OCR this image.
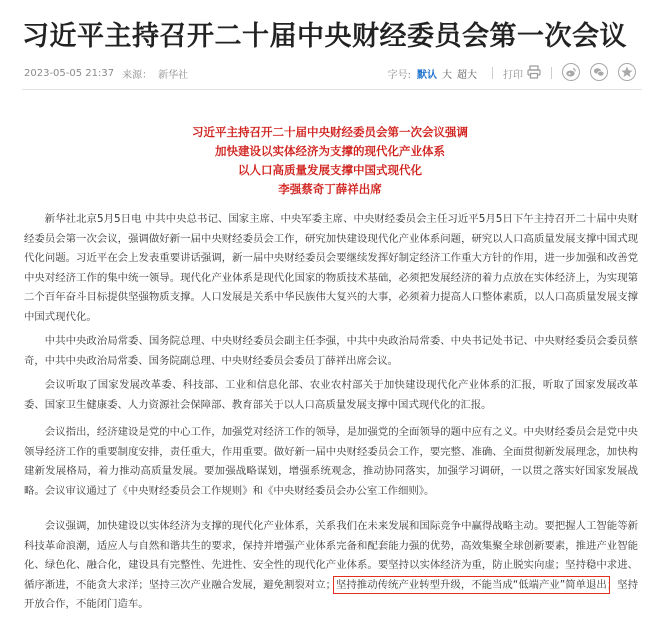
习近平主持召开二十届中央财经委员会第一次会议
2023-05-05 21:37 来源： 新华社	字号: 默认 大 超大	打印
习近平主持召开二十届中央财经委员会第一次会议强调
加快建设以实体经济为支撑的现代化产业体系
以人口高质量发展支撑中国式现代化
李强蔡奇丁薛祥出席
新华社北京5月5日电 中共中央总书记、国家主席、中央军委主席、中央财经委员会主任习近平5月5日下午主持召开二十届中央财经委员会第一次会议，强调做好新一届中央财经委员会工作，研究加快建设现代化产业体系问题，研究以人口高质量发展支撑中国式现代化问题。习近平在会上发表重要讲话强调，新一届中央财经委员会要继续发挥好制定经济工作重大方针的作用，进一步加强和改善党中央对经济工作的集中统一领导。现代化产业体系是现代化国家的物质技术基础，必须把发展经济的着力点放在实体经济上，为实现第二个百年奋斗目标提供坚强物质支撑。人口发展是关系中华民族伟大复兴的大事，必须着力提高人口整体素质，以人口高质量发展支撑中国式现代化。
中共中央政治局常委、国务院总理、中央财经委员会副主任李强，中共中央政治局常委、中央书记处书记、中央财经委员会委员蔡奇，中共中央政治局常委、国务院副总理、中央财经委员会委员丁薛祥出席会议。
会议听取了国家发展改革委、科技部、工业和信息化部、农业农村部关于加快建设现代化产业体系的汇报，听取了国家发展改革委、国家卫生健康委、人力资源社会保障部、教育部关于以人口高质量发展支撑中国式现代化的汇报。
会议指出，经济建设是党的中心工作，加强党对经济工作的领导，是加强党的全面领导的题中应有之义。中央财经委员会是党中央领导经济工作的重要制度安排，责任重大，作用重要。做好新一届中央财经委员会工作，要完整、准确、全面贯彻新发展理念，加快构建新发展格局，着力推动高质量发展。要加强战略谋划，增强系统观念，推动协同落实，加强学习调研，一以贯之落实好国家发展战略。会议审议通过了《中央财经委员会工作规则》和《中央财经委员会办公室工作细则》。
会议强调，加快建设以实体经济为支撑的现代化产业体系，关系我们在未来发展和国际竞争中赢得战略主动。要把握人工智能等新科技革命浪潮，适应人与自然和谐共生的要求，保持并增强产业体系完备和配套能力强的优势，高效集聚全球创新要素，推进产业智能化、绿色化、融合化，建设具有完整性、先进性、安全性的现代化产业体系。要坚持以实体经济为重，防止脱实向虚；坚持稳中求进、循序渐进，不能贪大求洋；坚持三次产业融合发展，避免割裂对立；坚持推动传统产业转型升级，不能当成“低端产业”简单退出；坚持开放合作，不能闭门造车。
